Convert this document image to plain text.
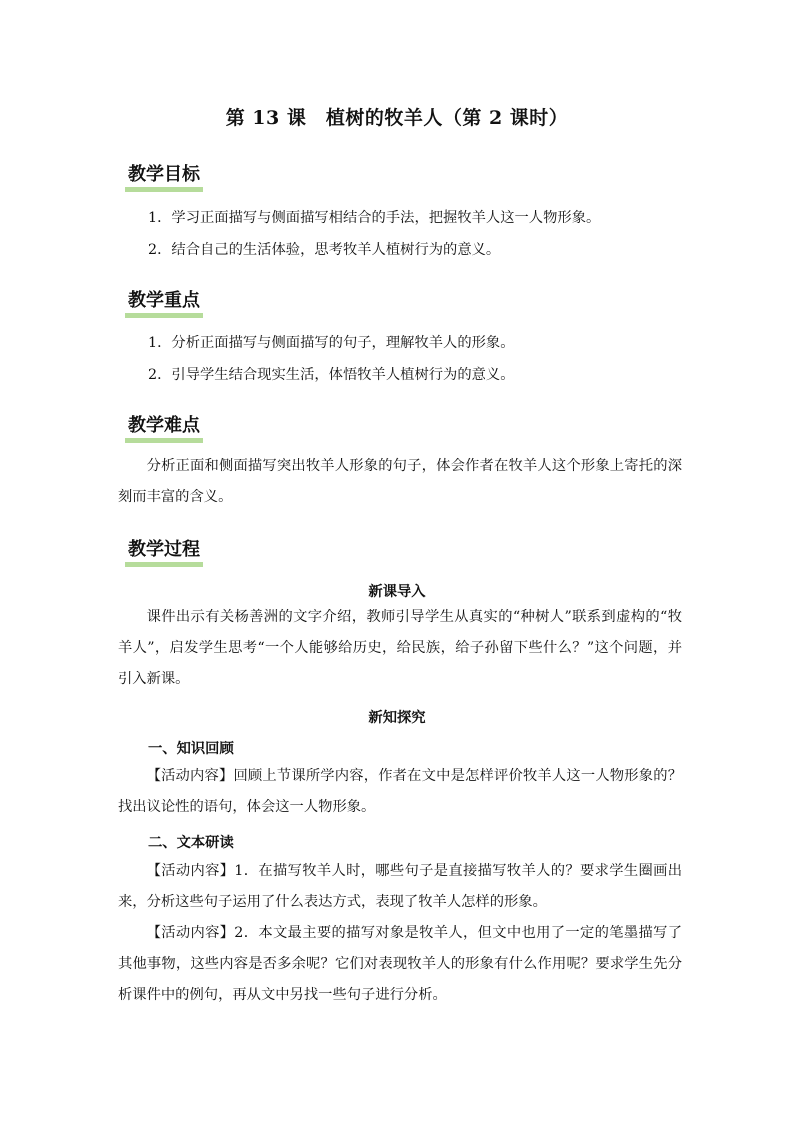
第 13 课　植树的牧羊人（第 2 课时）
教学目标
1．学习正面描写与侧面描写相结合的手法，把握牧羊人这一人物形象。
2．结合自己的生活体验，思考牧羊人植树行为的意义。
教学重点
1．分析正面描写与侧面描写的句子，理解牧羊人的形象。
2．引导学生结合现实生活，体悟牧羊人植树行为的意义。
教学难点
分析正面和侧面描写突出牧羊人形象的句子，体会作者在牧羊人这个形象上寄托的深刻而丰富的含义。
教学过程
新课导入
课件出示有关杨善洲的文字介绍，教师引导学生从真实的“种树人”联系到虚构的“牧羊人”，启发学生思考“一个人能够给历史，给民族，给子孙留下些什么？”这个问题，并引入新课。
新知探究
一、知识回顾
【活动内容】回顾上节课所学内容，作者在文中是怎样评价牧羊人这一人物形象的？找出议论性的语句，体会这一人物形象。
二、文本研读
【活动内容】1．在描写牧羊人时，哪些句子是直接描写牧羊人的？要求学生圈画出来，分析这些句子运用了什么表达方式，表现了牧羊人怎样的形象。
【活动内容】2．本文最主要的描写对象是牧羊人，但文中也用了一定的笔墨描写了其他事物，这些内容是否多余呢？它们对表现牧羊人的形象有什么作用呢？要求学生先分析课件中的例句，再从文中另找一些句子进行分析。
